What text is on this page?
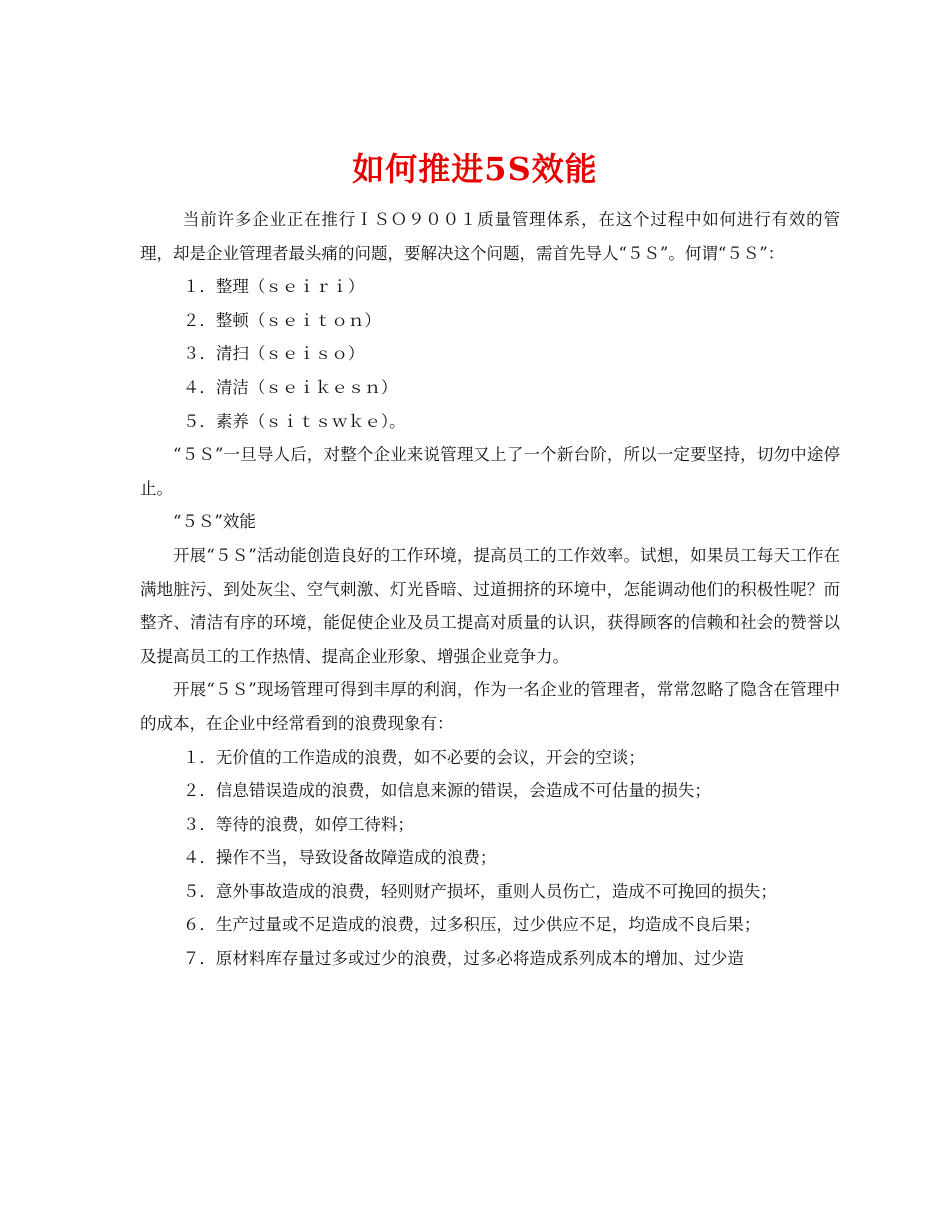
如何推进5S效能

当前许多企业正在推行ＩＳＯ９００１质量管理体系，在这个过程中如何进行有效的管理，却是企业管理者最头痛的问题，要解决这个问题，需首先导人“５Ｓ”。何谓“５Ｓ”：

１．整理（ｓｅｉｒｉ）

２．整顿（ｓｅｉｔｏｎ）

３．清扫（ｓｅｉｓｏ）

４．清洁（ｓｅｉｋｅｓｎ）

５．素养（ｓｉｔｓｗｋｅ）。

“５Ｓ”一旦导人后，对整个企业来说管理又上了一个新台阶，所以一定要坚持，切勿中途停止。

“５Ｓ”效能

开展“５Ｓ”活动能创造良好的工作环境，提高员工的工作效率。试想，如果员工每天工作在满地脏污、到处灰尘、空气刺激、灯光昏暗、过道拥挤的环境中，怎能调动他们的积极性呢？而整齐、清洁有序的环境，能促使企业及员工提高对质量的认识，获得顾客的信赖和社会的赞誉以及提高员工的工作热情、提高企业形象、增强企业竞争力。

开展“５Ｓ”现场管理可得到丰厚的利润，作为一名企业的管理者，常常忽略了隐含在管理中的成本，在企业中经常看到的浪费现象有：

１．无价值的工作造成的浪费，如不必要的会议，开会的空谈；

２．信息错误造成的浪费，如信息来源的错误，会造成不可估量的损失；

３．等待的浪费，如停工待料；

４．操作不当，导致设备故障造成的浪费；

５．意外事故造成的浪费，轻则财产损坏，重则人员伤亡，造成不可挽回的损失；

６．生产过量或不足造成的浪费，过多积压，过少供应不足，均造成不良后果；

７．原材料库存量过多或过少的浪费，过多必将造成系列成本的增加、过少造
